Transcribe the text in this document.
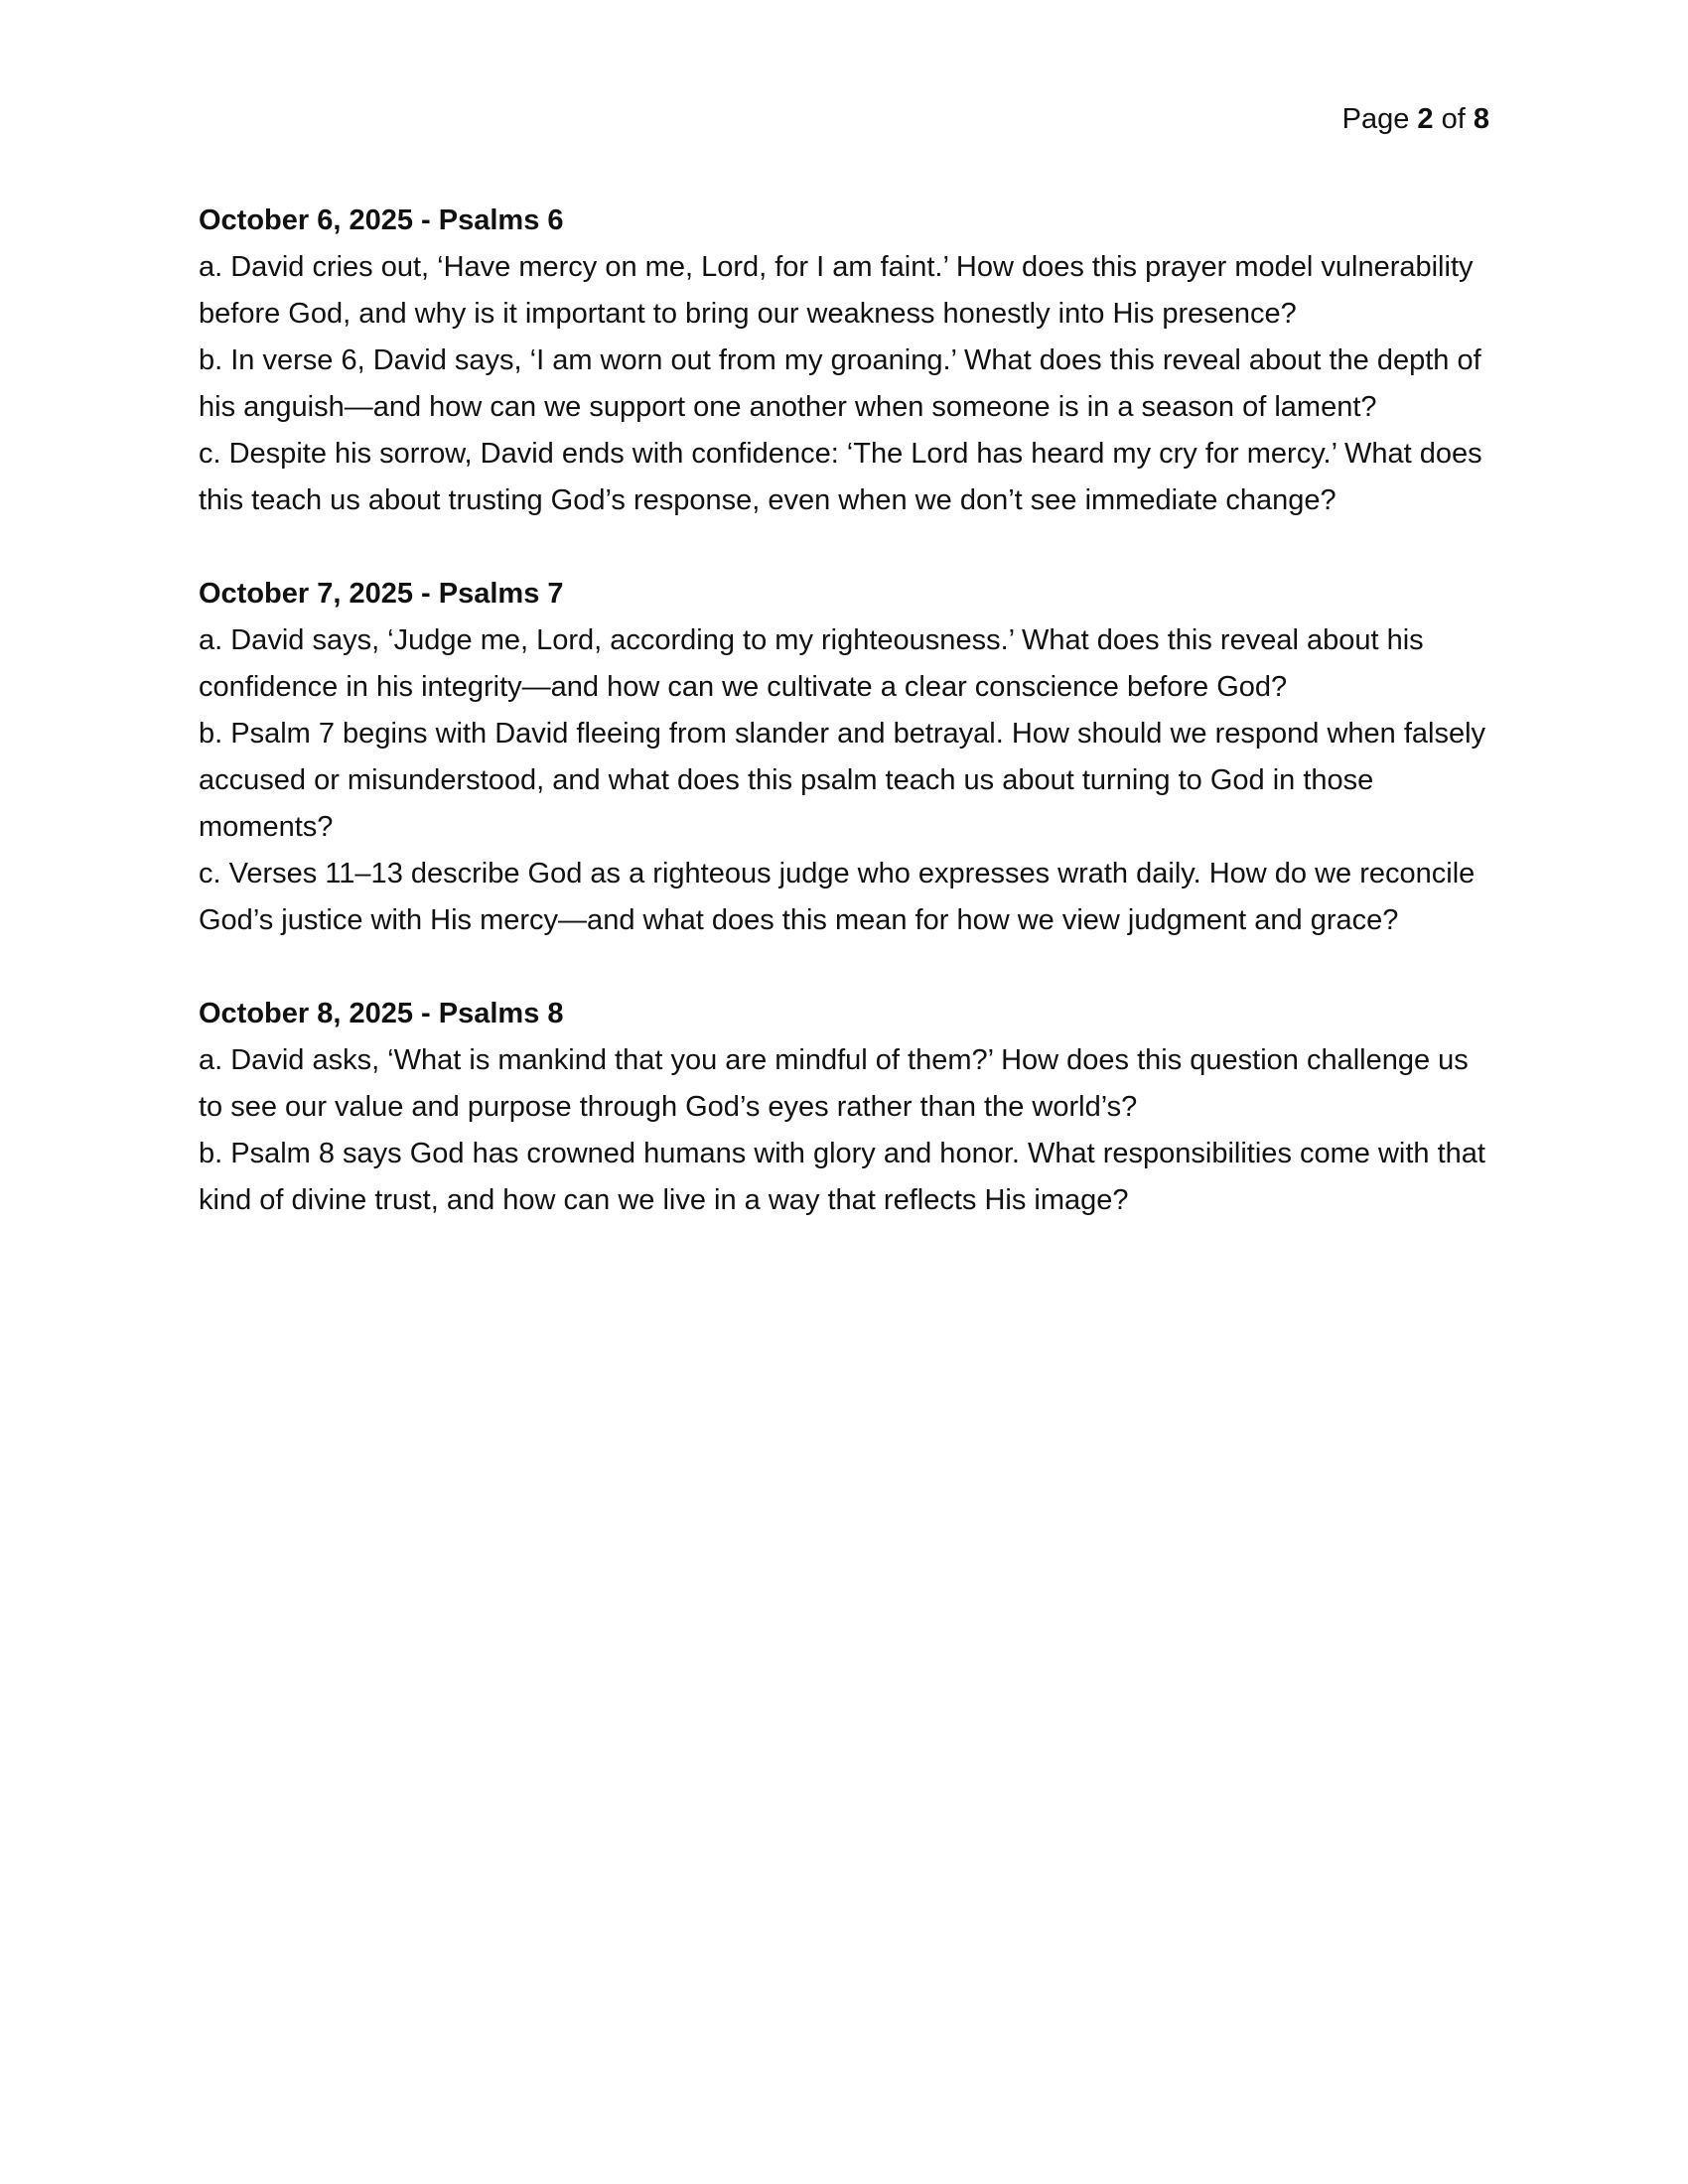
Page 2 of 8

October 6, 2025 - Psalms 6

a. David cries out, ‘Have mercy on me, Lord, for I am faint.’ How does this prayer model vulnerability before God, and why is it important to bring our weakness honestly into His presence?

b. In verse 6, David says, ‘I am worn out from my groaning.’ What does this reveal about the depth of his anguish—and how can we support one another when someone is in a season of lament?

c. Despite his sorrow, David ends with confidence: ‘The Lord has heard my cry for mercy.’ What does this teach us about trusting God’s response, even when we don’t see immediate change?

October 7, 2025 - Psalms 7

a. David says, ‘Judge me, Lord, according to my righteousness.’ What does this reveal about his confidence in his integrity—and how can we cultivate a clear conscience before God?

b. Psalm 7 begins with David fleeing from slander and betrayal. How should we respond when falsely accused or misunderstood, and what does this psalm teach us about turning to God in those moments?

c. Verses 11–13 describe God as a righteous judge who expresses wrath daily. How do we reconcile God’s justice with His mercy—and what does this mean for how we view judgment and grace?

October 8, 2025 - Psalms 8

a. David asks, ‘What is mankind that you are mindful of them?’ How does this question challenge us to see our value and purpose through God’s eyes rather than the world’s?

b. Psalm 8 says God has crowned humans with glory and honor. What responsibilities come with that kind of divine trust, and how can we live in a way that reflects His image?
